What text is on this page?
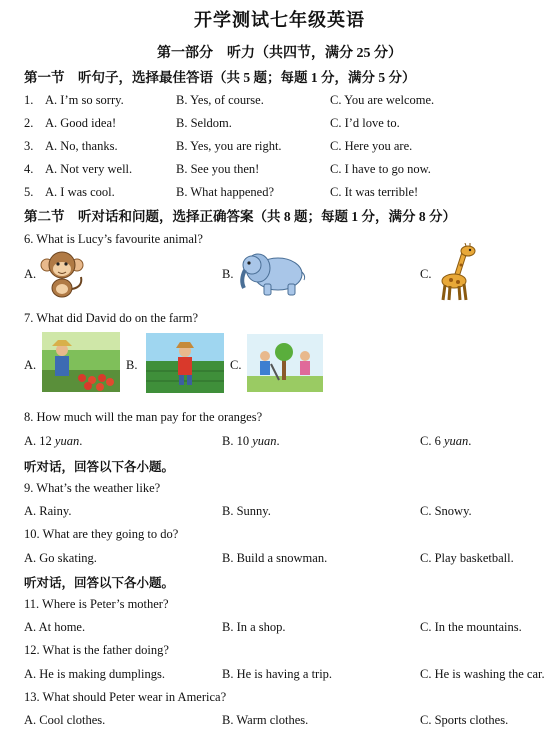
开学测试七年级英语
第一部分　听力（共四节，满分 25 分）
第一节　听句子，选择最佳答语（共 5 题；每题 1 分，满分 5 分）
1. A. I’m so sorry.	B. Yes, of course.	C. You are welcome.
2. A. Good idea!	B. Seldom.	C. I’d love to.
3. A. No, thanks.	B. Yes, you are right.	C. Here you are.
4. A. Not very well.	B. See you then!	C. I have to go now.
5. A. I was cool.	B. What happened?	C. It was terrible!
第二节　听对话和问题，选择正确答案（共 8 题；每题 1 分，满分 8 分）
6. What is Lucy’s favourite animal?
A.	B.	C.
7. What did David do on the farm?
A.	B.	C.
8. How much will the man pay for the oranges?
A. 12 yuan.	B. 10 yuan.	C. 6 yuan.
听对话，回答以下各小题。
9. What’s the weather like?
A. Rainy.	B. Sunny.	C. Snowy.
10. What are they going to do?
A. Go skating.	B. Build a snowman.	C. Play basketball.
听对话，回答以下各小题。
11. Where is Peter’s mother?
A. At home.	B. In a shop.	C. In the mountains.
12. What is the father doing?
A. He is making dumplings.	B. He is having a trip.	C. He is washing the car.
13. What should Peter wear in America?
A. Cool clothes.	B. Warm clothes.	C. Sports clothes.
